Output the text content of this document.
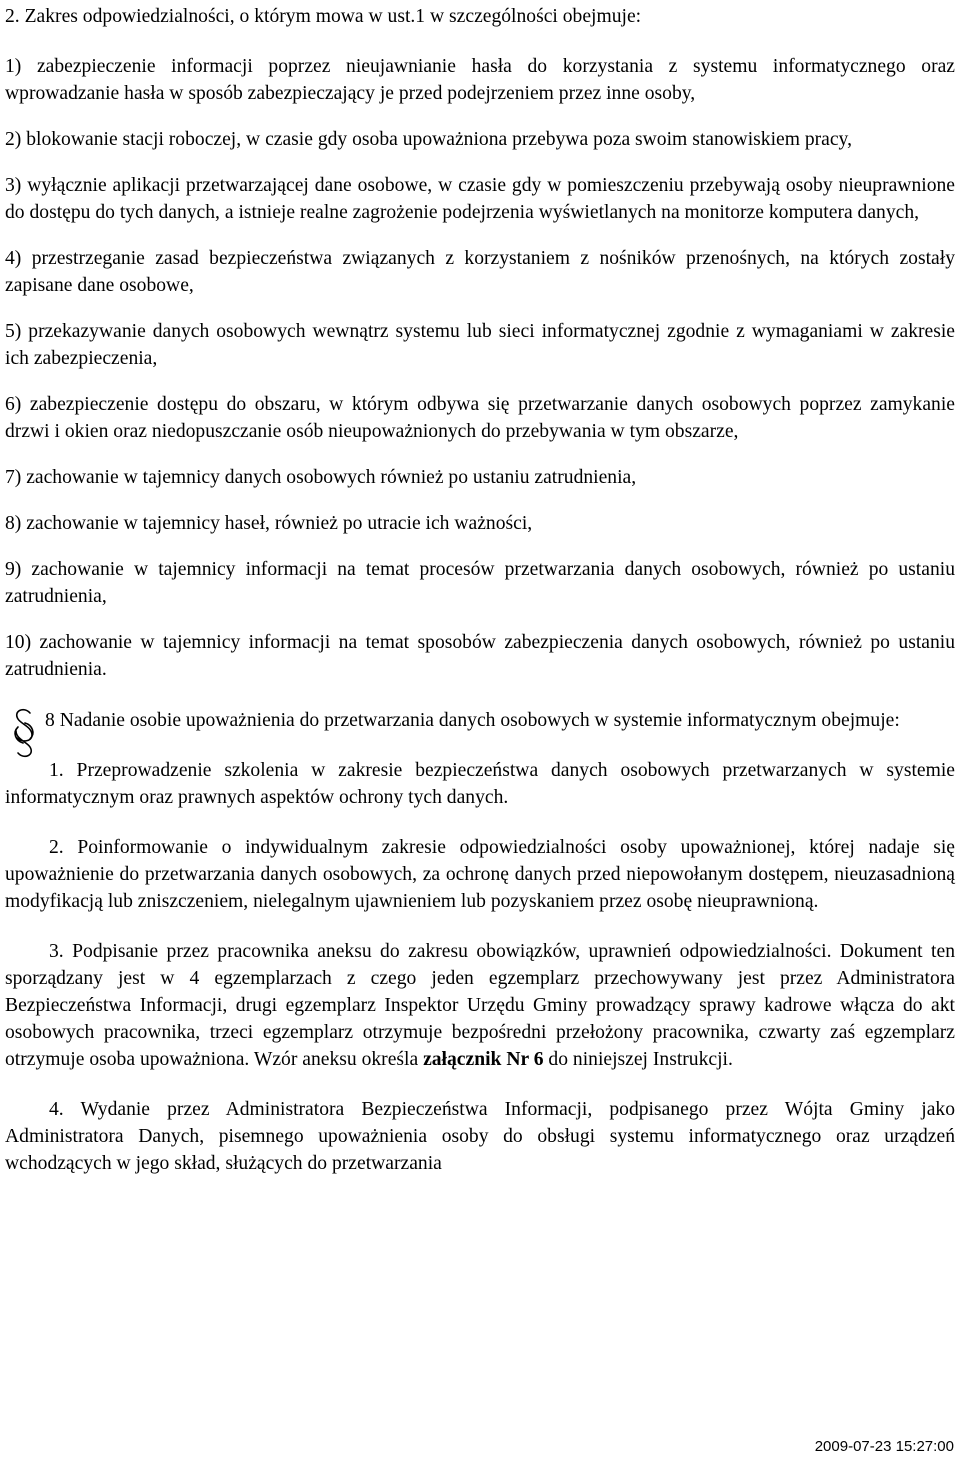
2. Zakres odpowiedzialności, o którym mowa w ust.1 w szczególności obejmuje:

1) zabezpieczenie informacji poprzez nieujawnianie hasła do korzystania z systemu informatycznego oraz wprowadzanie hasła w sposób zabezpieczający je przed podejrzeniem przez inne osoby,

2) blokowanie stacji roboczej, w czasie gdy osoba upoważniona przebywa poza swoim stanowiskiem pracy,

3) wyłącznie aplikacji przetwarzającej dane osobowe, w czasie gdy w pomieszczeniu przebywają osoby nieuprawnione do dostępu do tych danych, a istnieje realne zagrożenie podejrzenia wyświetlanych na monitorze komputera danych,

4) przestrzeganie zasad bezpieczeństwa związanych z korzystaniem z nośników przenośnych, na których zostały zapisane dane osobowe,

5) przekazywanie danych osobowych wewnątrz systemu lub sieci informatycznej zgodnie z wymaganiami w zakresie ich zabezpieczenia,

6) zabezpieczenie dostępu do obszaru, w którym odbywa się przetwarzanie danych osobowych poprzez zamykanie drzwi i okien oraz niedopuszczanie osób nieupoważnionych do przebywania w tym obszarze,

7) zachowanie w tajemnicy danych osobowych również po ustaniu zatrudnienia,

8) zachowanie w tajemnicy haseł, również po utracie ich ważności,

9) zachowanie w tajemnicy informacji na temat procesów przetwarzania danych osobowych, również po ustaniu zatrudnienia,

10) zachowanie w tajemnicy informacji na temat sposobów zabezpieczenia danych osobowych, również po ustaniu zatrudnienia.

8 Nadanie osobie upoważnienia do przetwarzania danych osobowych w systemie informatycznym obejmuje:

1. Przeprowadzenie szkolenia w zakresie bezpieczeństwa danych osobowych przetwarzanych w systemie informatycznym oraz prawnych aspektów ochrony tych danych.

2. Poinformowanie o indywidualnym zakresie odpowiedzialności osoby upoważnionej, której nadaje się upoważnienie do przetwarzania danych osobowych, za ochronę danych przed niepowołanym dostępem, nieuzasadnioną modyfikacją lub zniszczeniem, nielegalnym ujawnieniem lub pozyskaniem przez osobę nieuprawnioną.

3. Podpisanie przez pracownika aneksu do zakresu obowiązków, uprawnień odpowiedzialności. Dokument ten sporządzany jest w 4 egzemplarzach z czego jeden egzemplarz przechowywany jest przez Administratora Bezpieczeństwa Informacji, drugi egzemplarz Inspektor Urzędu Gminy prowadzący sprawy kadrowe włącza do akt osobowych pracownika, trzeci egzemplarz otrzymuje bezpośredni przełożony pracownika, czwarty zaś egzemplarz otrzymuje osoba upoważniona. Wzór aneksu określa załącznik Nr 6 do niniejszej Instrukcji.

4. Wydanie przez Administratora Bezpieczeństwa Informacji, podpisanego przez Wójta Gminy jako Administratora Danych, pisemnego upoważnienia osoby do obsługi systemu informatycznego oraz urządzeń wchodzących w jego skład, służących do przetwarzania

2009-07-23 15:27:00
